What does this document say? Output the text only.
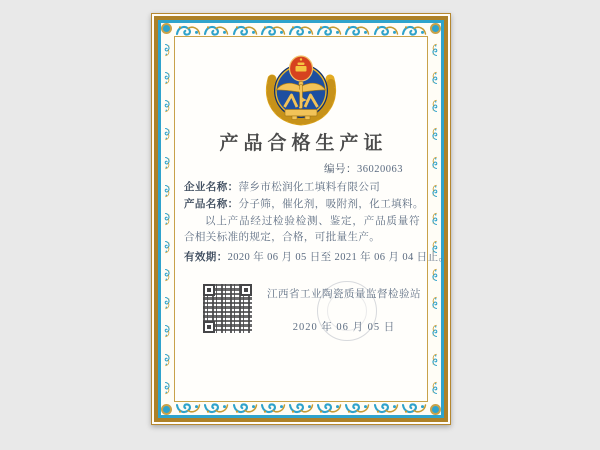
产品合格生产证
编号：36020063
企业名称：萍乡市松润化工填料有限公司
产品名称：分子筛，催化剂，吸附剂，化工填料。
以上产品经过检验检测、鉴定，产品质量符合相关标准的规定，合格，可批量生产。
有效期：2020 年 06 月 05 日至 2021 年 06 月 04 日止。
江西省工业陶瓷质量监督检验站
2020 年 06 月 05 日
